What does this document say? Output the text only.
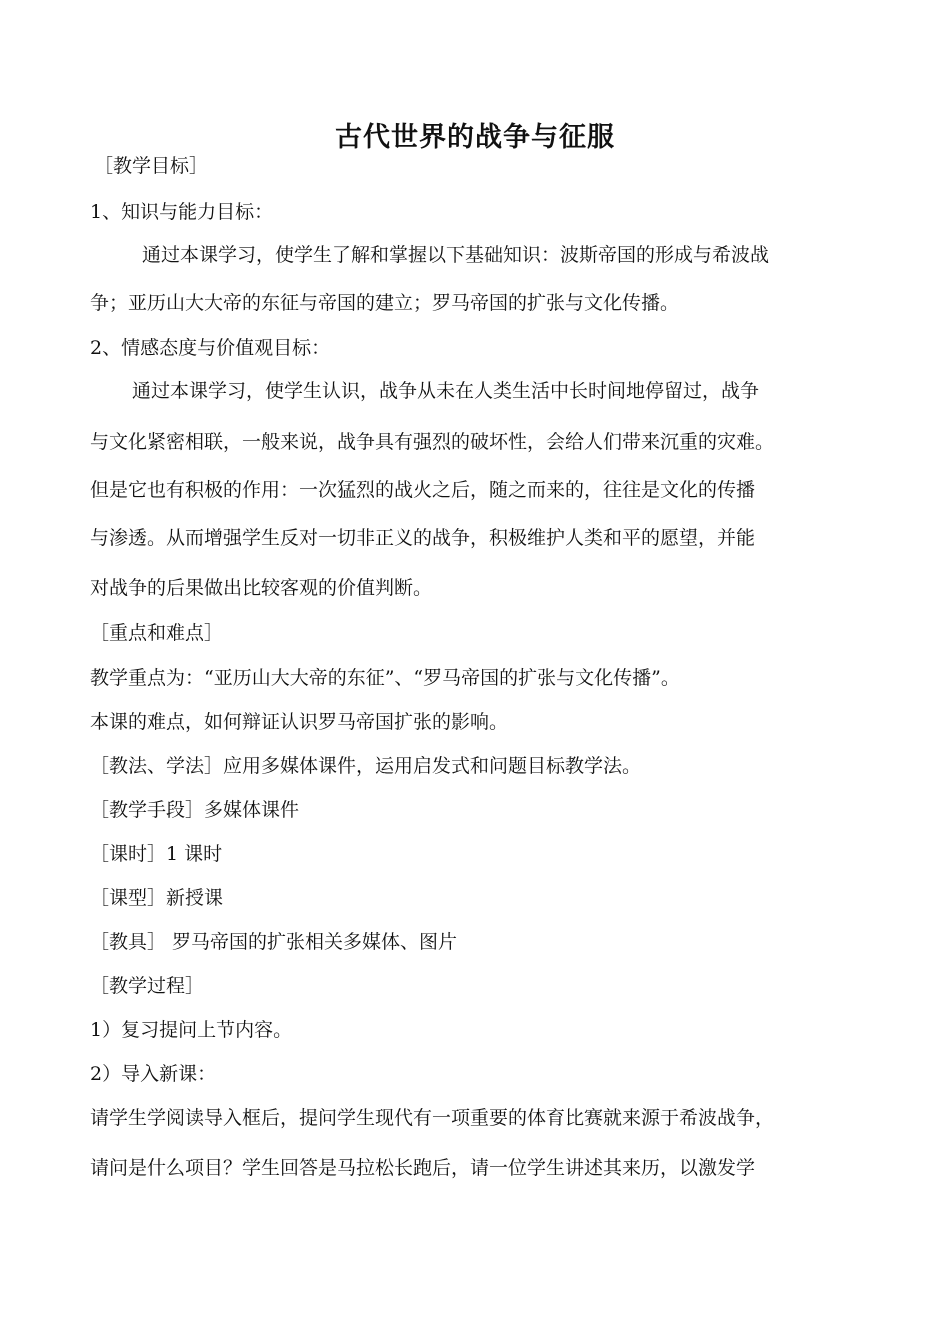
古代世界的战争与征服
［教学目标］
1、知识与能力目标：
通过本课学习，使学生了解和掌握以下基础知识：波斯帝国的形成与希波战
争；亚历山大大帝的东征与帝国的建立；罗马帝国的扩张与文化传播。
2、情感态度与价值观目标：
通过本课学习，使学生认识，战争从未在人类生活中长时间地停留过，战争
与文化紧密相联，一般来说，战争具有强烈的破坏性，会给人们带来沉重的灾难。
但是它也有积极的作用：一次猛烈的战火之后，随之而来的，往往是文化的传播
与渗透。从而增强学生反对一切非正义的战争，积极维护人类和平的愿望，并能
对战争的后果做出比较客观的价值判断。
［重点和难点］
教学重点为：“亚历山大大帝的东征”、“罗马帝国的扩张与文化传播”。
本课的难点，如何辩证认识罗马帝国扩张的影响。
［教法、学法］应用多媒体课件，运用启发式和问题目标教学法。
［教学手段］多媒体课件
［课时］1 课时
［课型］新授课
［教具］ 罗马帝国的扩张相关多媒体、图片
［教学过程］
1）复习提问上节内容。
2）导入新课：
请学生学阅读导入框后，提问学生现代有一项重要的体育比赛就来源于希波战争，
请问是什么项目？学生回答是马拉松长跑后，请一位学生讲述其来历，以激发学
